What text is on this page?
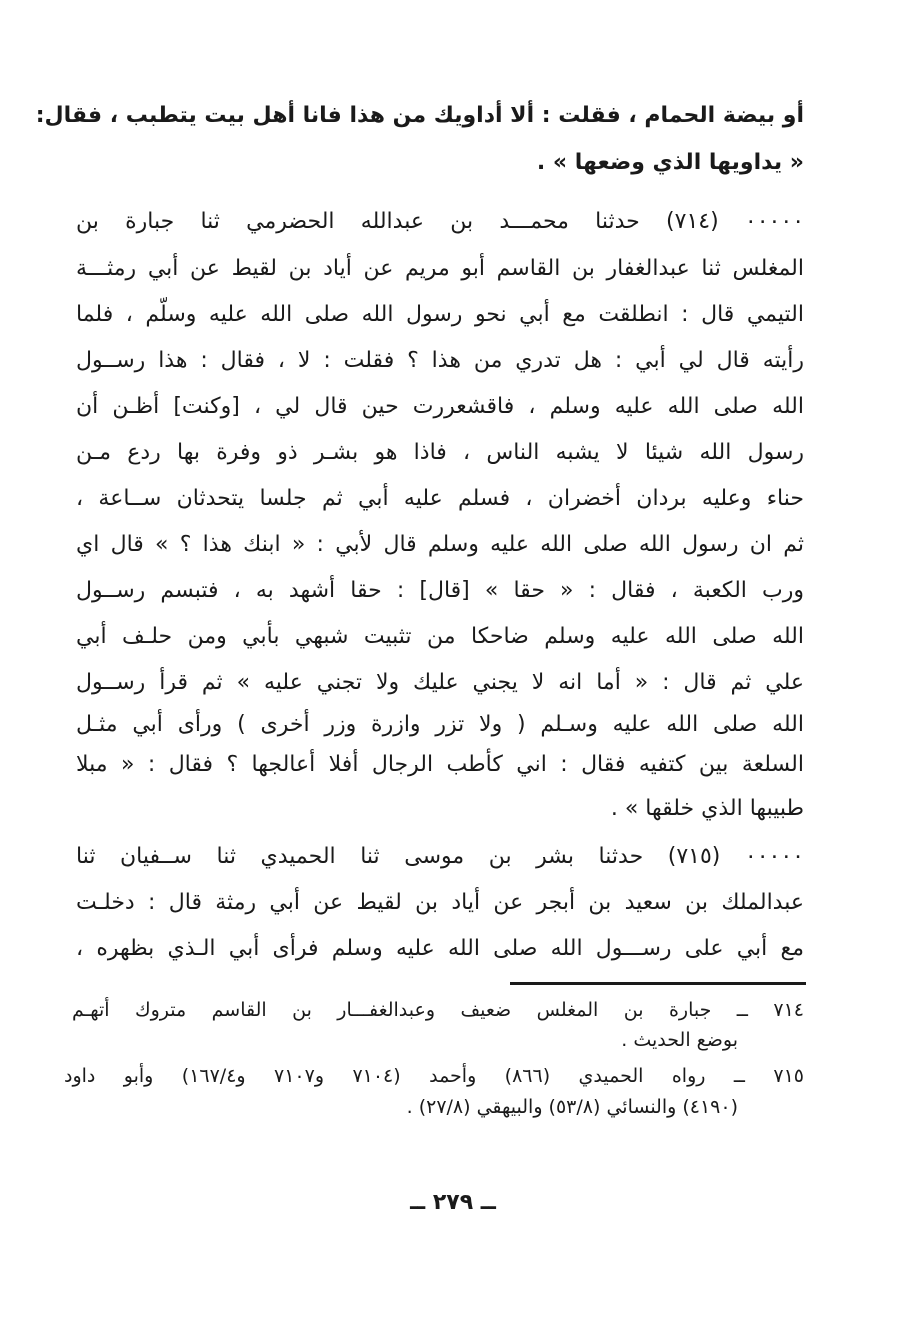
أو بيضة الحمام ، فقلت : ألا أداويك من هذا فانا أهل بيت يتطبب ، فقال:
« يداويها الذي وضعها » .
٠٠٠٠٠ (٧١٤) حدثنا محمـــد بن عبدالله الحضرمي ثنا جبارة بن
المغلس ثنا عبدالغفار بن القاسم أبو مريم عن أياد بن لقيط عن أبي رمثـــة
التيمي قال : انطلقت مع أبي نحو رسول الله صلى الله عليه وسلّم ، فلما
رأيته قال لي أبي : هل تدري من هذا ؟ فقلت : لا ، فقال : هذا رســول
الله صلى الله عليه وسلم ، فاقشعررت حين قال لي ، [وكنت] أظـن أن
رسول الله شيئا لا يشبه الناس ، فاذا هو بشـر ذو وفرة بها ردع مـن
حناء وعليه بردان أخضران ، فسلم عليه أبي ثم جلسا يتحدثان ســاعة ،
ثم ان رسول الله صلى الله عليه وسلم قال لأبي : « ابنك هذا ؟ » قال اي
ورب الكعبة ، فقال : « حقا » [قال] : حقا أشهد به ، فتبسم رســول
الله صلى الله عليه وسلم ضاحكا من تثبيت شبهي بأبي ومن حلـف أبي
علي ثم قال : « أما انه لا يجني عليك ولا تجني عليه » ثم قرأ رســول
الله صلى الله عليه وسـلم ( ولا تزر وازرة وزر أخرى ) ورأى أبي مثـل
السلعة بين كتفيه فقال : اني كأطب الرجال أفلا أعالجها ؟ فقال : « مبلا
طبيبها الذي خلقها » .
٠٠٠٠٠ (٧١٥) حدثنا بشر بن موسى ثنا الحميدي ثنا ســفيان ثنا
عبدالملك بن سعيد بن أبجر عن أياد بن لقيط عن أبي رمثة قال : دخلـت
مع أبي على رســـول الله صلى الله عليه وسلم فرأى أبي الـذي بظهره ،
٧١٤ ــ جبارة بن المغلس ضعيف وعبدالغفـــار بن القاسم متروك أتهـم
بوضع الحديث .
٧١٥ ــ رواه الحميدي (٨٦٦) وأحمد (٧١٠٤ و٧١٠٧ و١٦٧/٤) وأبو داود
(٤١٩٠) والنسائي (٥٣/٨) والبيهقي (٢٧/٨) .
ــ ٢٧٩ ــ
